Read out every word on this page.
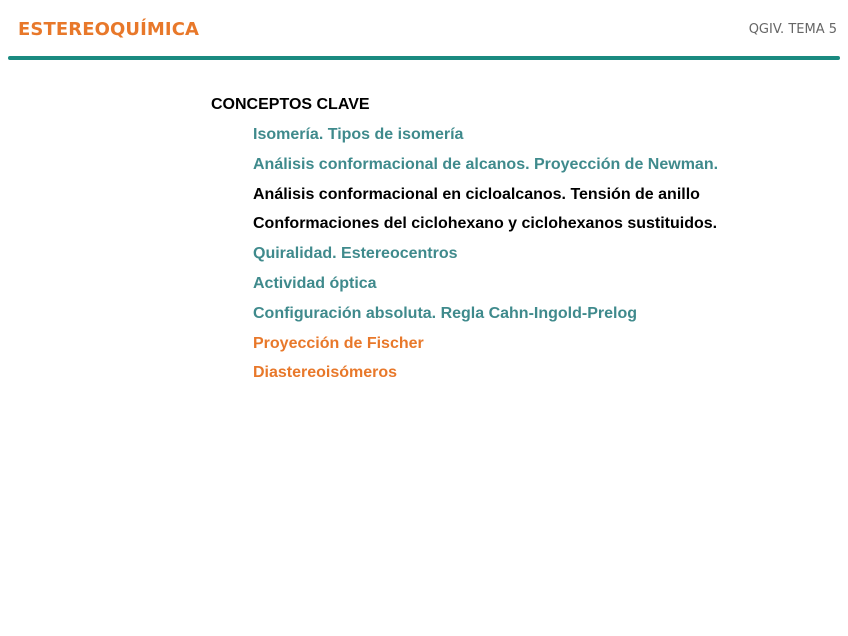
ESTEREOQUÍMICA	QGIV. TEMA 5
CONCEPTOS CLAVE
Isomería. Tipos de isomería
Análisis conformacional de alcanos. Proyección de Newman.
Análisis conformacional en cicloalcanos. Tensión de anillo
Conformaciones del ciclohexano y ciclohexanos sustituidos.
Quiralidad. Estereocentros
Actividad óptica
Configuración absoluta. Regla Cahn-Ingold-Prelog
Proyección de Fischer
Diastereoisómeros
